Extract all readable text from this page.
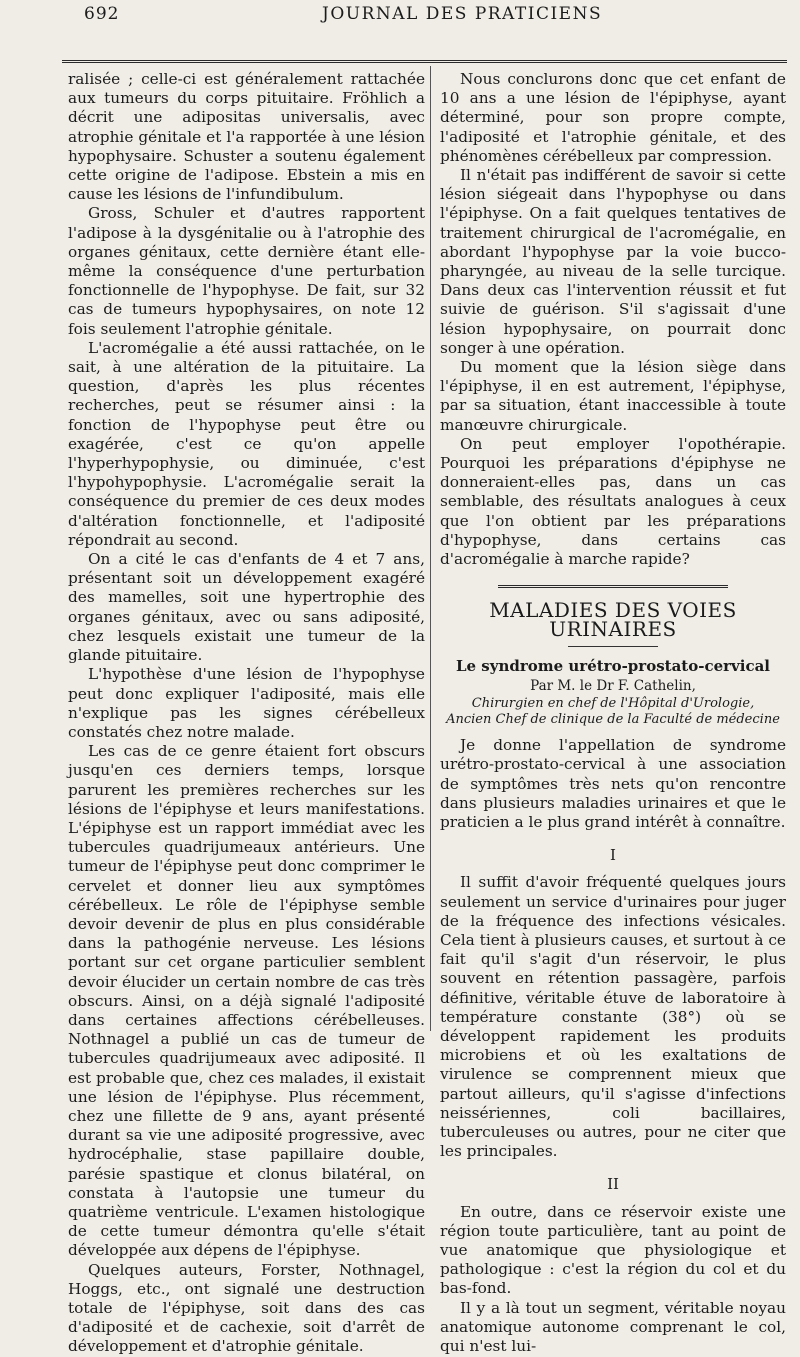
692	JOURNAL DES PRATICIENS

ralisée ; celle-ci est généralement rattachée aux tumeurs du corps pituitaire. Fröhlich a décrit une adipositas universalis, avec atrophie génitale et l'a rapportée à une lésion hypophysaire. Schuster a soutenu également cette origine de l'adipose. Ebstein a mis en cause les lésions de l'infundibulum.

Gross, Schuler et d'autres rapportent l'adipose à la dysgénitalie ou à l'atrophie des organes génitaux, cette dernière étant elle-même la conséquence d'une perturbation fonctionnelle de l'hypophyse. De fait, sur 32 cas de tumeurs hypophysaires, on note 12 fois seulement l'atrophie génitale.

L'acromégalie a été aussi rattachée, on le sait, à une altération de la pituitaire. La question, d'après les plus récentes recherches, peut se résumer ainsi : la fonction de l'hypophyse peut être ou exagérée, c'est ce qu'on appelle l'hyperhypophysie, ou diminuée, c'est l'hypohypophysie. L'acromégalie serait la conséquence du premier de ces deux modes d'altération fonctionnelle, et l'adiposité répondrait au second.

On a cité le cas d'enfants de 4 et 7 ans, présentant soit un développement exagéré des mamelles, soit une hypertrophie des organes génitaux, avec ou sans adiposité, chez lesquels existait une tumeur de la glande pituitaire.

L'hypothèse d'une lésion de l'hypophyse peut donc expliquer l'adiposité, mais elle n'explique pas les signes cérébelleux constatés chez notre malade.

Les cas de ce genre étaient fort obscurs jusqu'en ces derniers temps, lorsque parurent les premières recherches sur les lésions de l'épiphyse et leurs manifestations. L'épiphyse est un rapport immédiat avec les tubercules quadrijumeaux antérieurs. Une tumeur de l'épiphyse peut donc comprimer le cervelet et donner lieu aux symptômes cérébelleux. Le rôle de l'épiphyse semble devoir devenir de plus en plus considérable dans la pathogénie nerveuse. Les lésions portant sur cet organe particulier semblent devoir élucider un certain nombre de cas très obscurs. Ainsi, on a déjà signalé l'adiposité dans certaines affections cérébelleuses. Nothnagel a publié un cas de tumeur de tubercules quadrijumeaux avec adiposité. Il est probable que, chez ces malades, il existait une lésion de l'épiphyse. Plus récemment, chez une fillette de 9 ans, ayant présenté durant sa vie une adiposité progressive, avec hydrocéphalie, stase papillaire double, parésie spastique et clonus bilatéral, on constata à l'autopsie une tumeur du quatrième ventricule. L'examen histologique de cette tumeur démontra qu'elle s'était développée aux dépens de l'épiphyse.

Quelques auteurs, Forster, Nothnagel, Hoggs, etc., ont signalé une destruction totale de l'épiphyse, soit dans des cas d'adiposité et de cachexie, soit d'arrêt de développement et d'atrophie génitale.

Nous conclurons donc que cet enfant de 10 ans a une lésion de l'épiphyse, ayant déterminé, pour son propre compte, l'adiposité et l'atrophie génitale, et des phénomènes cérébelleux par compression.

Il n'était pas indifférent de savoir si cette lésion siégeait dans l'hypophyse ou dans l'épiphyse. On a fait quelques tentatives de traitement chirurgical de l'acromégalie, en abordant l'hypophyse par la voie bucco-pharyngée, au niveau de la selle turcique. Dans deux cas l'intervention réussit et fut suivie de guérison. S'il s'agissait d'une lésion hypophysaire, on pourrait donc songer à une opération.

Du moment que la lésion siège dans l'épiphyse, il en est autrement, l'épiphyse, par sa situation, étant inaccessible à toute manœuvre chirurgicale.

On peut employer l'opothérapie. Pourquoi les préparations d'épiphyse ne donneraient-elles pas, dans un cas semblable, des résultats analogues à ceux que l'on obtient par les préparations d'hypophyse, dans certains cas d'acromégalie à marche rapide?

MALADIES DES VOIES URINAIRES
Le syndrome urétro-prostato-cervical
Par M. le Dr F. Cathelin,
Chirurgien en chef de l'Hôpital d'Urologie,
Ancien Chef de clinique de la Faculté de médecine

Je donne l'appellation de syndrome urétro-prostato-cervical à une association de symptômes très nets qu'on rencontre dans plusieurs maladies urinaires et que le praticien a le plus grand intérêt à connaître.

I

Il suffit d'avoir fréquenté quelques jours seulement un service d'urinaires pour juger de la fréquence des infections vésicales. Cela tient à plusieurs causes, et surtout à ce fait qu'il s'agit d'un réservoir, le plus souvent en rétention passagère, parfois définitive, véritable étuve de laboratoire à température constante (38°) où se développent rapidement les produits microbiens et où les exaltations de virulence se comprennent mieux que partout ailleurs, qu'il s'agisse d'infections neissériennes, coli bacillaires, tuberculeuses ou autres, pour ne citer que les principales.

II

En outre, dans ce réservoir existe une région toute particulière, tant au point de vue anatomique que physiologique et pathologique : c'est la région du col et du bas-fond.

Il y a là tout un segment, véritable noyau anatomique autonome comprenant le col, qui n'est lui-
